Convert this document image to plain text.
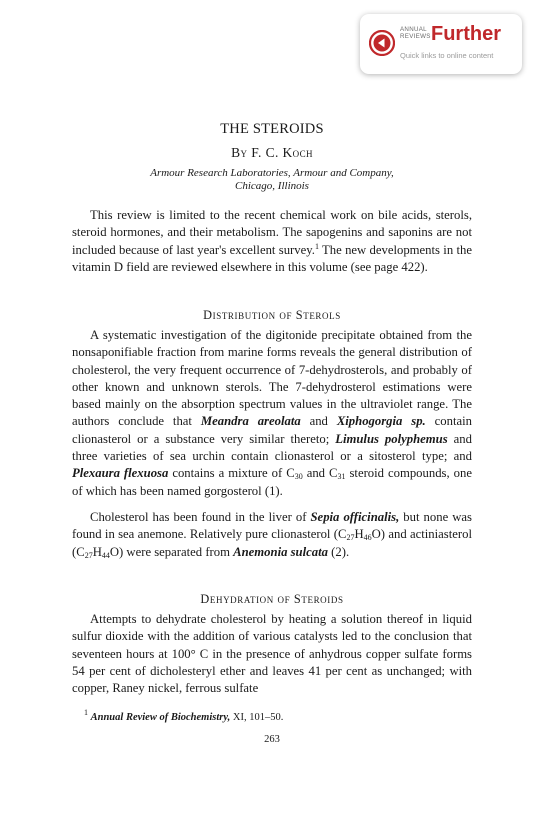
ANNUAL
REVIEWS Further
Quick links to online content
THE STEROIDS
By F. C. Koch
Armour Research Laboratories, Armour and Company,
Chicago, Illinois

This review is limited to the recent chemical work on bile acids, sterols, steroid hormones, and their metabolism. The sapogenins and saponins are not included because of last year's excellent survey.$^1$ The new developments in the vitamin D field are reviewed elsewhere in this volume (see page 422).

Distribution of Sterols

A systematic investigation of the digitonide precipitate obtained from the nonsaponifiable fraction from marine forms reveals the general distribution of cholesterol, the very frequent occurrence of 7-dehydrosterols, and probably of other known and unknown sterols. The 7-dehydrosterol estimations were based mainly on the absorption spectrum values in the ultraviolet range. The authors conclude that Meandra areolata and Xiphogorgia sp. contain clionasterol or a substance very similar thereto; Limulus polyphemus and three varieties of sea urchin contain clionasterol or a sitosterol type; and Plexaura flexuosa contains a mixture of $C_{30}$ and $C_{31}$ steroid compounds, one of which has been named gorgosterol (1).

Cholesterol has been found in the liver of Sepia officinalis, but none was found in sea anemone. Relatively pure clionasterol $(C_{27}H_{46}O)$ and actiniasterol $(C_{27}H_{44}O)$ were separated from Anemonia sulcata (2).

Dehydration of Steroids

Attempts to dehydrate cholesterol by heating a solution thereof in liquid sulfur dioxide with the addition of various catalysts led to the conclusion that seventeen hours at 100° C in the presence of anhydrous copper sulfate forms 54 per cent of dicholesteryl ether and leaves 41 per cent as unchanged; with copper, Raney nickel, ferrous sulfate

$^1$ Annual Review of Biochemistry, XI, 101–50.
263
